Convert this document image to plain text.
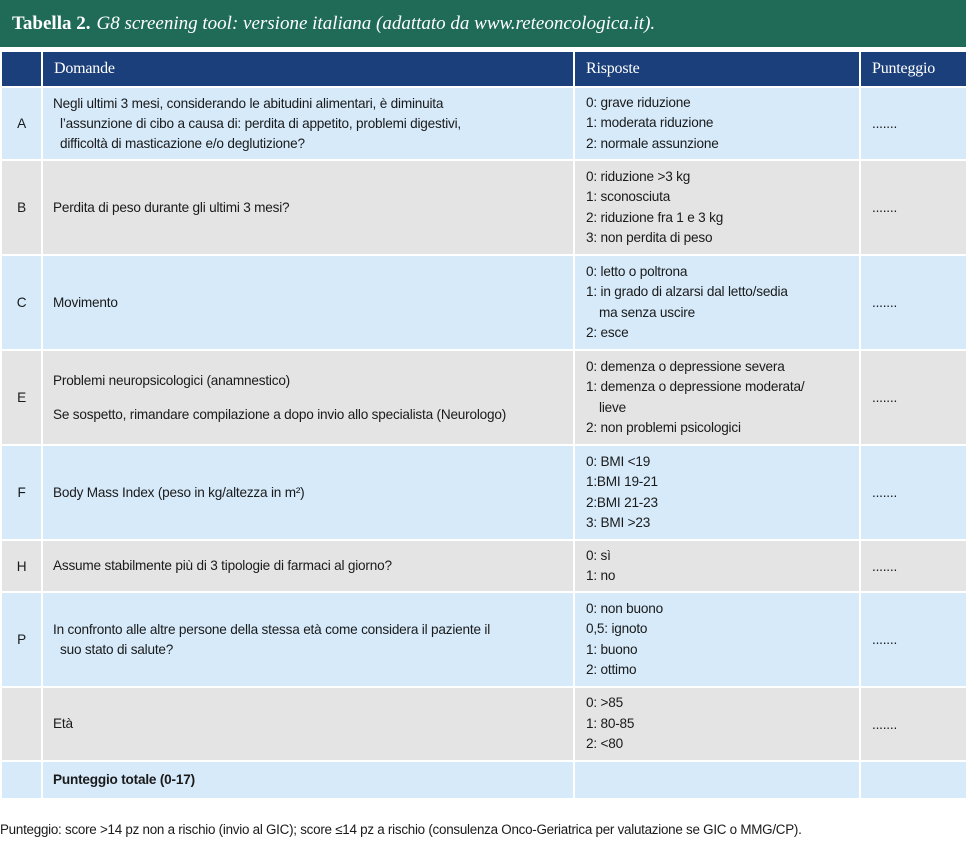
Tabella 2. G8 screening tool: versione italiana (adattato da www.reteoncologica.it).
	Domande	Risposte	Punteggio
A	Negli ultimi 3 mesi, considerando le abitudini alimentari, è diminuita
l’assunzione di cibo a causa di: perdita di appetito, problemi digestivi,
difficoltà di masticazione e/o deglutizione?	0: grave riduzione
1: moderata riduzione
2: normale assunzione	.......
B	Perdita di peso durante gli ultimi 3 mesi?	0: riduzione >3 kg
1: sconosciuta
2: riduzione fra 1 e 3 kg
3: non perdita di peso	.......
C	Movimento	0: letto o poltrona
1: in grado di alzarsi dal letto/sedia
ma senza uscire
2: esce	.......
E	Problemi neuropsicologici (anamnestico)
Se sospetto, rimandare compilazione a dopo invio allo specialista (Neurologo)	0: demenza o depressione severa
1: demenza o depressione moderata/
lieve
2: non problemi psicologici	.......
F	Body Mass Index (peso in kg/altezza in m²)	0: BMI <19
1:BMI 19-21
2:BMI 21-23
3: BMI >23	.......
H	Assume stabilmente più di 3 tipologie di farmaci al giorno?	0: sì
1: no	.......
P	In confronto alle altre persone della stessa età come considera il paziente il
suo stato di salute?	0: non buono
0,5: ignoto
1: buono
2: ottimo	.......
	Età	0: >85
1: 80-85
2: <80	.......
	Punteggio totale (0-17)		
Punteggio: score >14 pz non a rischio (invio al GIC); score ≤14 pz a rischio (consulenza Onco-Geriatrica per valutazione se GIC o MMG/CP).
